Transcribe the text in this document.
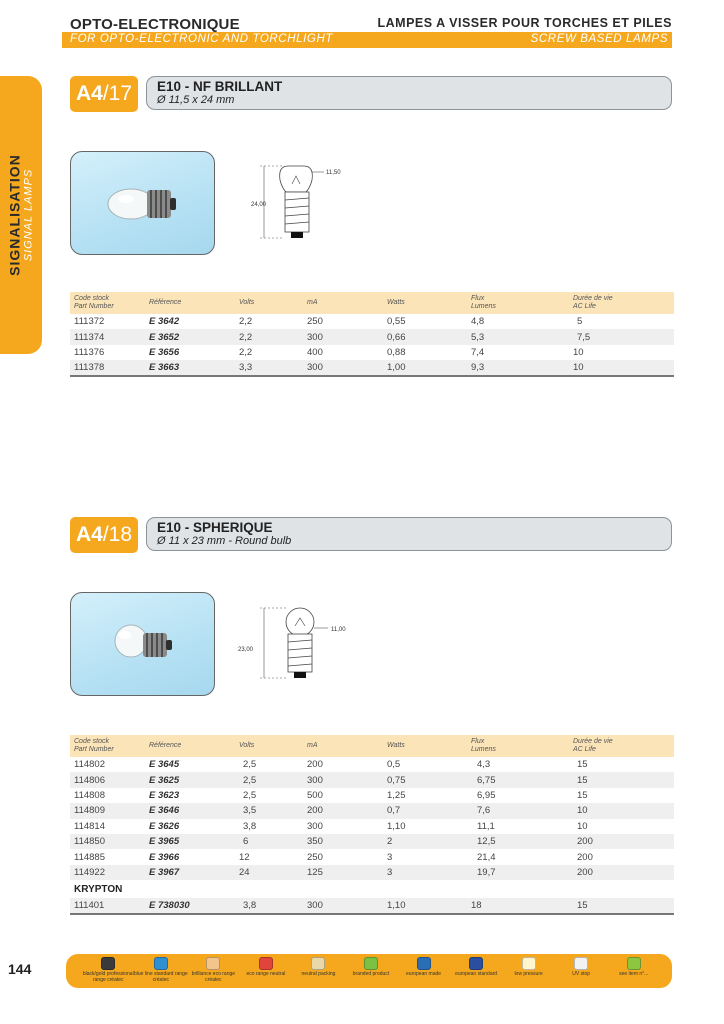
OPTO-ELECTRONIQUE	LAMPES A VISSER POUR TORCHES ET PILES
FOR OPTO-ELECTRONIC AND TORCHLIGHT	SCREW BASED LAMPS
SIGNALISATION SIGNAL LAMPS
A4 /17 E10 - NF BRILLANT
Ø 11,5 x 24 mm
11,50
24,00
Code stock
Part Number	Référence	Volts	mA	Watts	Flux
Lumens	Durée de vie
AC Life
111372	E 3642	2,2	250	0,55	4,8	5
111374	E 3652	2,2	300	0,66	5,3	7,5
111376	E 3656	2,2	400	0,88	7,4	10
111378	E 3663	3,3	300	1,00	9,3	10
A4 /18 E10 - SPHERIQUE
Ø 11 x 23 mm - Round bulb
11,00
23,00
Code stock
Part Number	Référence	Volts	mA	Watts	Flux
Lumens	Durée de vie
AC Life
114802	E 3645	2,5	200	0,5	4,3	15
114806	E 3625	2,5	300	0,75	6,75	15
114808	E 3623	2,5	500	1,25	6,95	15
114809	E 3646	3,5	200	0,7	7,6	10
114814	E 3626	3,8	300	1,10	11,1	10
114850	E 3965	6	350	2	12,5	200
114885	E 3966	12	250	3	21,4	200
114922	E 3967	24	125	3	19,7	200
KRYPTON						
111401	E 738030	3,8	300	1,10	18	15
144	black/gold professional range créatec
blue line standard range créatec
brilliance eco range créatec
eco range neutral	neutral packing	branded product	european made	european standard	low pressure	UV stop	see item n°...
